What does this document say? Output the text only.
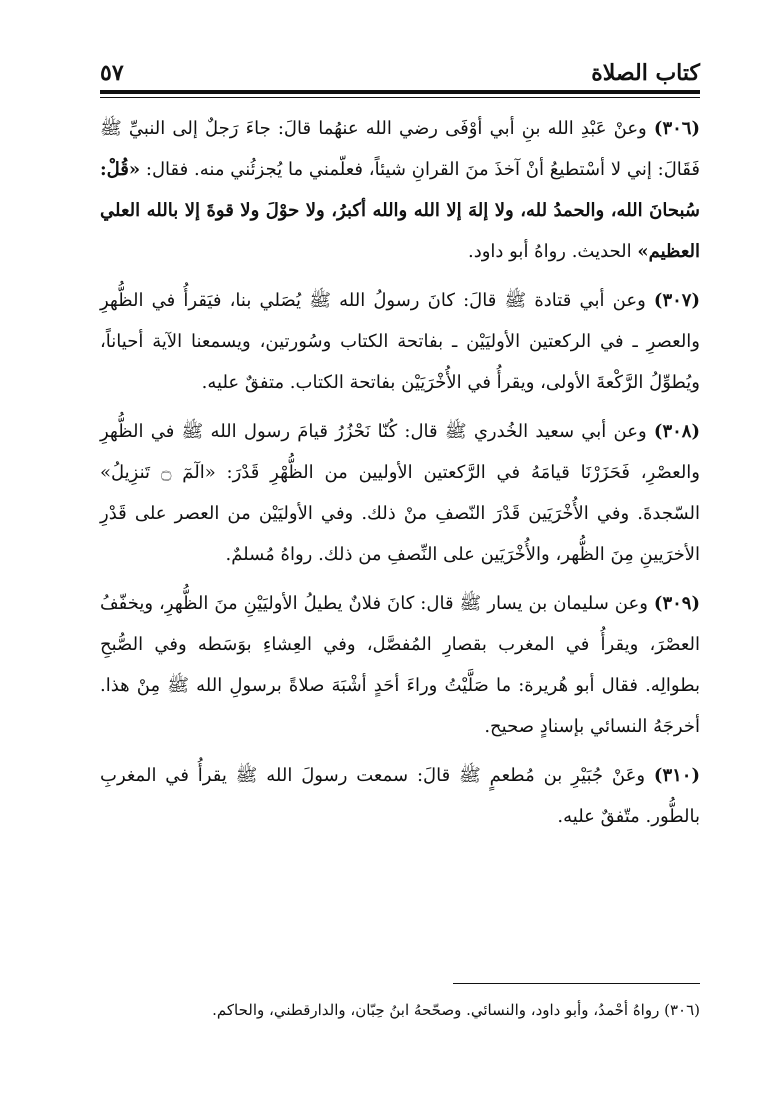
كتاب الصلاة
٥٧

(٣٠٦) وعنْ عَبْدِ الله بنِ أبي أوْفَى رضي الله عنهُما قالَ: جاءَ رَجلٌ إلى النبيِّ ﷺ فَقَالَ: إني لا أسْتطيعُ أنْ آخذَ منَ القرانِ شيئاً، فعلّمني ما يُجزئُني منه. فقال: «قُلْ: سُبحانَ الله، والحمدُ لله، ولا إلهَ إلا الله والله أكبرُ، ولا حوْلَ ولا قوةَ إلا بالله العلي العظيم» الحديث. رواهُ أبو داود.

(٣٠٧) وعن أبي قتادة ﷺ قالَ: كانَ رسولُ الله ﷺ يُصَلي بنا، فيَقرأُ في الظُّهرِ والعصرِ ـ في الركعتين الأوليَيْن ـ بفاتحة الكتاب وسُورتين، ويسمعنا الآية أحياناً، ويُطوِّلُ الرَّكْعةَ الأولى، ويقرأُ في الأُخْرَيَيْن بفاتحة الكتاب. متفقٌ عليه.

(٣٠٨) وعن أبي سعيد الخُدري ﷺ قال: كُنّا نَحْزُرُ قيامَ رسول الله ﷺ في الظُّهرِ والعصْرِ، فَحَزَرْنَا قيامَهُ في الرَّكعتين الأوليين من الظُّهْرِ قَدْرَ: «الٓمٓ ۝ تَنزِيلُ» السّجدةَ. وفي الأُخْرَيَين قَدْرَ النّصفِ منْ ذلك. وفي الأوليَيْن من العصر على قَدْرِ الأخرَيينِ مِنَ الظُّهر، والأُخْرَيَين على النِّصفِ من ذلك. رواهُ مُسلمٌ.

(٣٠٩) وعن سليمان بن يسار ﷺ قال: كانَ فلانٌ يطيلُ الأوليَيْنِ منَ الظُّهرِ، ويخفّفُ العصْرَ، ويقرأُ في المغرب بقصارِ المُفصَّل، وفي العِشاءِ بوَسَطه وفي الصُّبحِ بطوالِه. فقال أبو هُريرة: ما صَلَّيْتُ وراءَ أحَدٍ أشْبَهَ صلاةً برسولِ الله ﷺ مِنْ هذا. أخرجَهُ النسائي بإسنادٍ صحيح.

(٣١٠) وعَنْ جُبَيْرِ بن مُطعمٍ ﷺ قالَ: سمعت رسولَ الله ﷺ يقرأُ في المغربِ بالطُّور. متّفقٌ عليه.

(٣٠٦) رواهُ أحْمدُ، وأبو داود، والنسائي. وصحّحهُ ابنُ حِبّان، والدارقطني، والحاكم.
